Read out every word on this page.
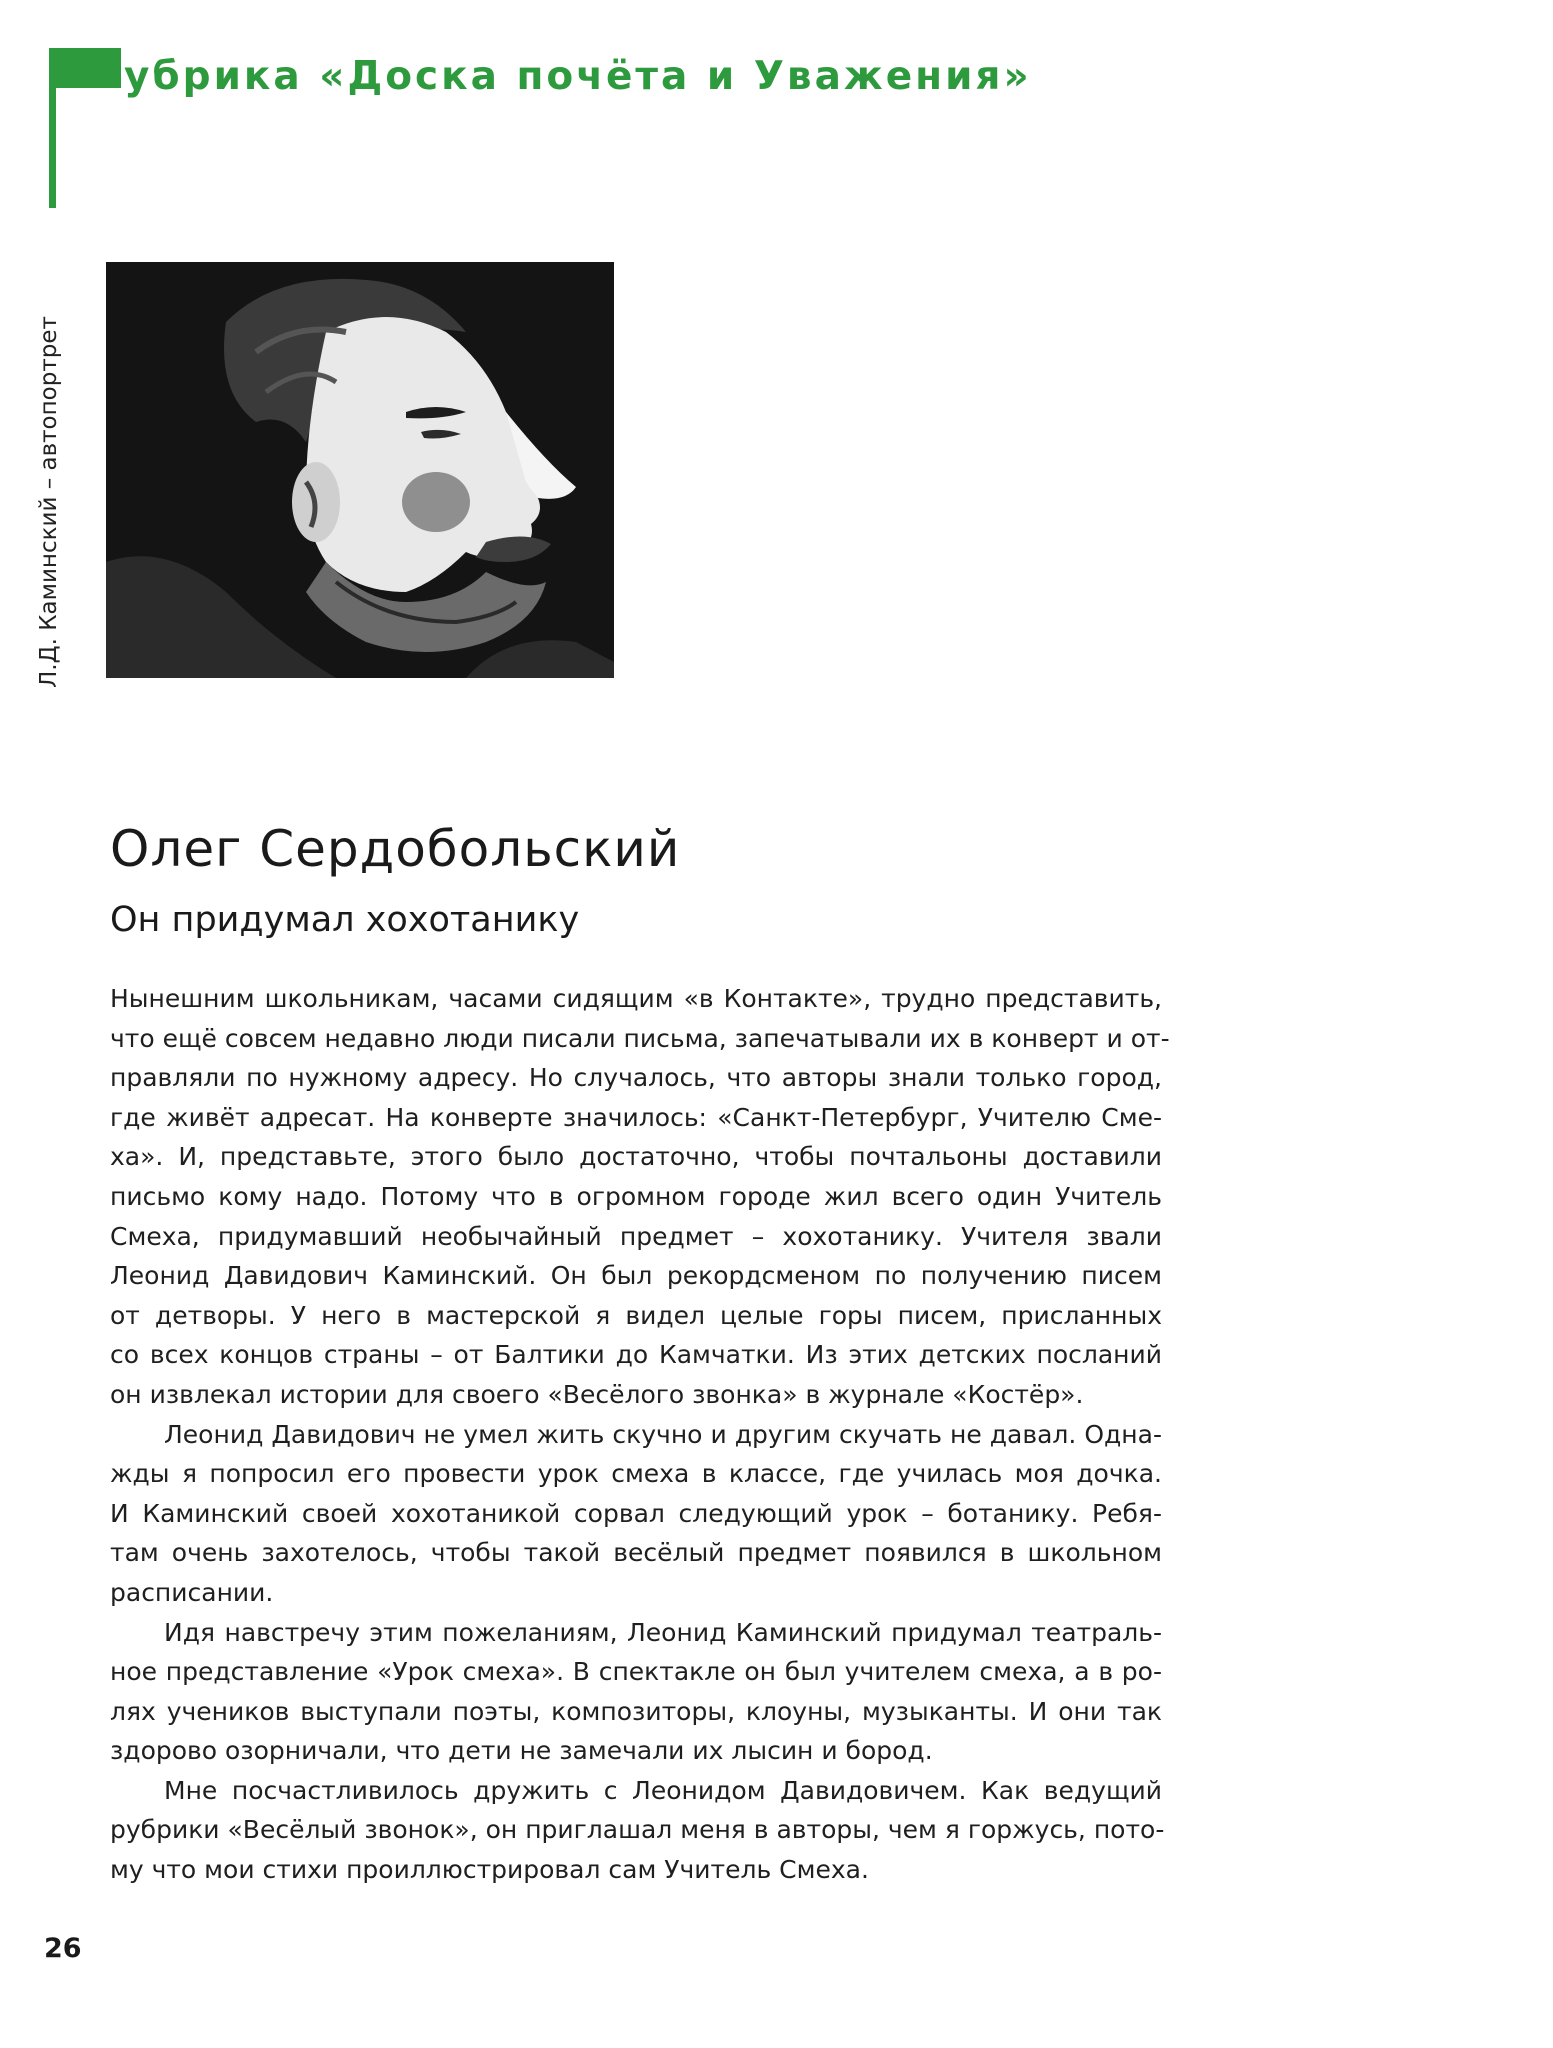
убрика «Доска почёта и Уважения»
Л.Д. Каминский – автопортрет
Олег Сердобольский
Он придумал хохотанику
Нынешним школьникам, часами сидящим «в Контакте», трудно представить,
что ещё совсем недавно люди писали письма, запечатывали их в конверт и от-
правляли по нужному адресу. Но случалось, что авторы знали только город,
где живёт адресат. На конверте значилось: «Санкт-Петербург, Учителю Сме-
ха». И, представьте, этого было достаточно, чтобы почтальоны доставили
письмо кому надо. Потому что в огромном городе жил всего один Учитель
Смеха, придумавший необычайный предмет – хохотанику. Учителя звали
Леонид Давидович Каминский. Он был рекордсменом по получению писем
от детворы. У него в мастерской я видел целые горы писем, присланных
со всех концов страны – от Балтики до Камчатки. Из этих детских посланий
он извлекал истории для своего «Весёлого звонка» в журнале «Костёр».
Леонид Давидович не умел жить скучно и другим скучать не давал. Одна-
жды я попросил его провести урок смеха в классе, где училась моя дочка.
И Каминский своей хохотаникой сорвал следующий урок – ботанику. Ребя-
там очень захотелось, чтобы такой весёлый предмет появился в школьном
расписании.
Идя навстречу этим пожеланиям, Леонид Каминский придумал театраль-
ное представление «Урок смеха». В спектакле он был учителем смеха, а в ро-
лях учеников выступали поэты, композиторы, клоуны, музыканты. И они так
здорово озорничали, что дети не замечали их лысин и бород.
Мне посчастливилось дружить с Леонидом Давидовичем. Как ведущий
рубрики «Весёлый звонок», он приглашал меня в авторы, чем я горжусь, пото-
му что мои стихи проиллюстрировал сам Учитель Смеха.
26
